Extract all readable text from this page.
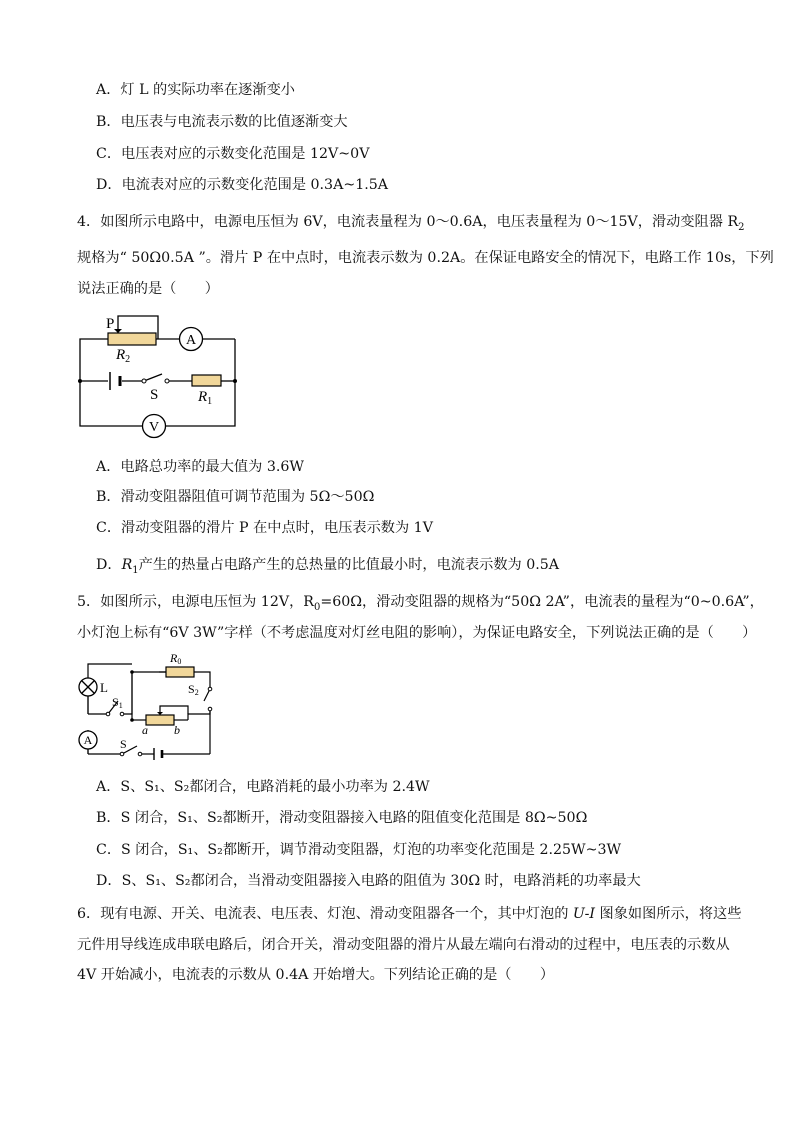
A．灯 L 的实际功率在逐渐变小
B．电压表与电流表示数的比值逐渐变大
C．电压表对应的示数变化范围是 12V~0V
D．电流表对应的示数变化范围是 0.3A~1.5A
4．如图所示电路中，电源电压恒为 6V，电流表量程为 0～0.6A，电压表量程为 0～15V，滑动变阻器 $R_2$
规格为“ 50Ω0.5A ”。滑片 P 在中点时，电流表示数为 0.2A。在保证电路安全的情况下，电路工作 10s，下列
说法正确的是（　　）
A
V
P
$R_2$
S	$R_1$
A．电路总功率的最大值为 3.6W
B．滑动变阻器阻值可调节范围为 5Ω～50Ω
C．滑动变阻器的滑片 P 在中点时，电压表示数为 1V
D．$R_1$产生的热量占电路产生的总热量的比值最小时，电流表示数为 0.5A
5．如图所示，电源电压恒为 12V，$R_0=60\Omega$，滑动变阻器的规格为“50Ω 2A”，电流表的量程为“0~0.6A”，
小灯泡上标有“6V 3W”字样（不考虑温度对灯丝电阻的影响），为保证电路安全，下列说法正确的是（　　）
A
R0
L
S1
S2
a b
S
A．S、S₁、S₂都闭合，电路消耗的最小功率为 2.4W
B．S 闭合，S₁、S₂都断开，滑动变阻器接入电路的阻值变化范围是 8Ω~50Ω
C．S 闭合，S₁、S₂都断开，调节滑动变阻器，灯泡的功率变化范围是 2.25W~3W
D．S、S₁、S₂都闭合，当滑动变阻器接入电路的阻值为 30Ω 时，电路消耗的功率最大
6．现有电源、开关、电流表、电压表、灯泡、滑动变阻器各一个，其中灯泡的 U-I 图象如图所示，将这些
元件用导线连成串联电路后，闭合开关，滑动变阻器的滑片从最左端向右滑动的过程中，电压表的示数从
4V 开始减小，电流表的示数从 0.4A 开始增大。下列结论正确的是（　　）
